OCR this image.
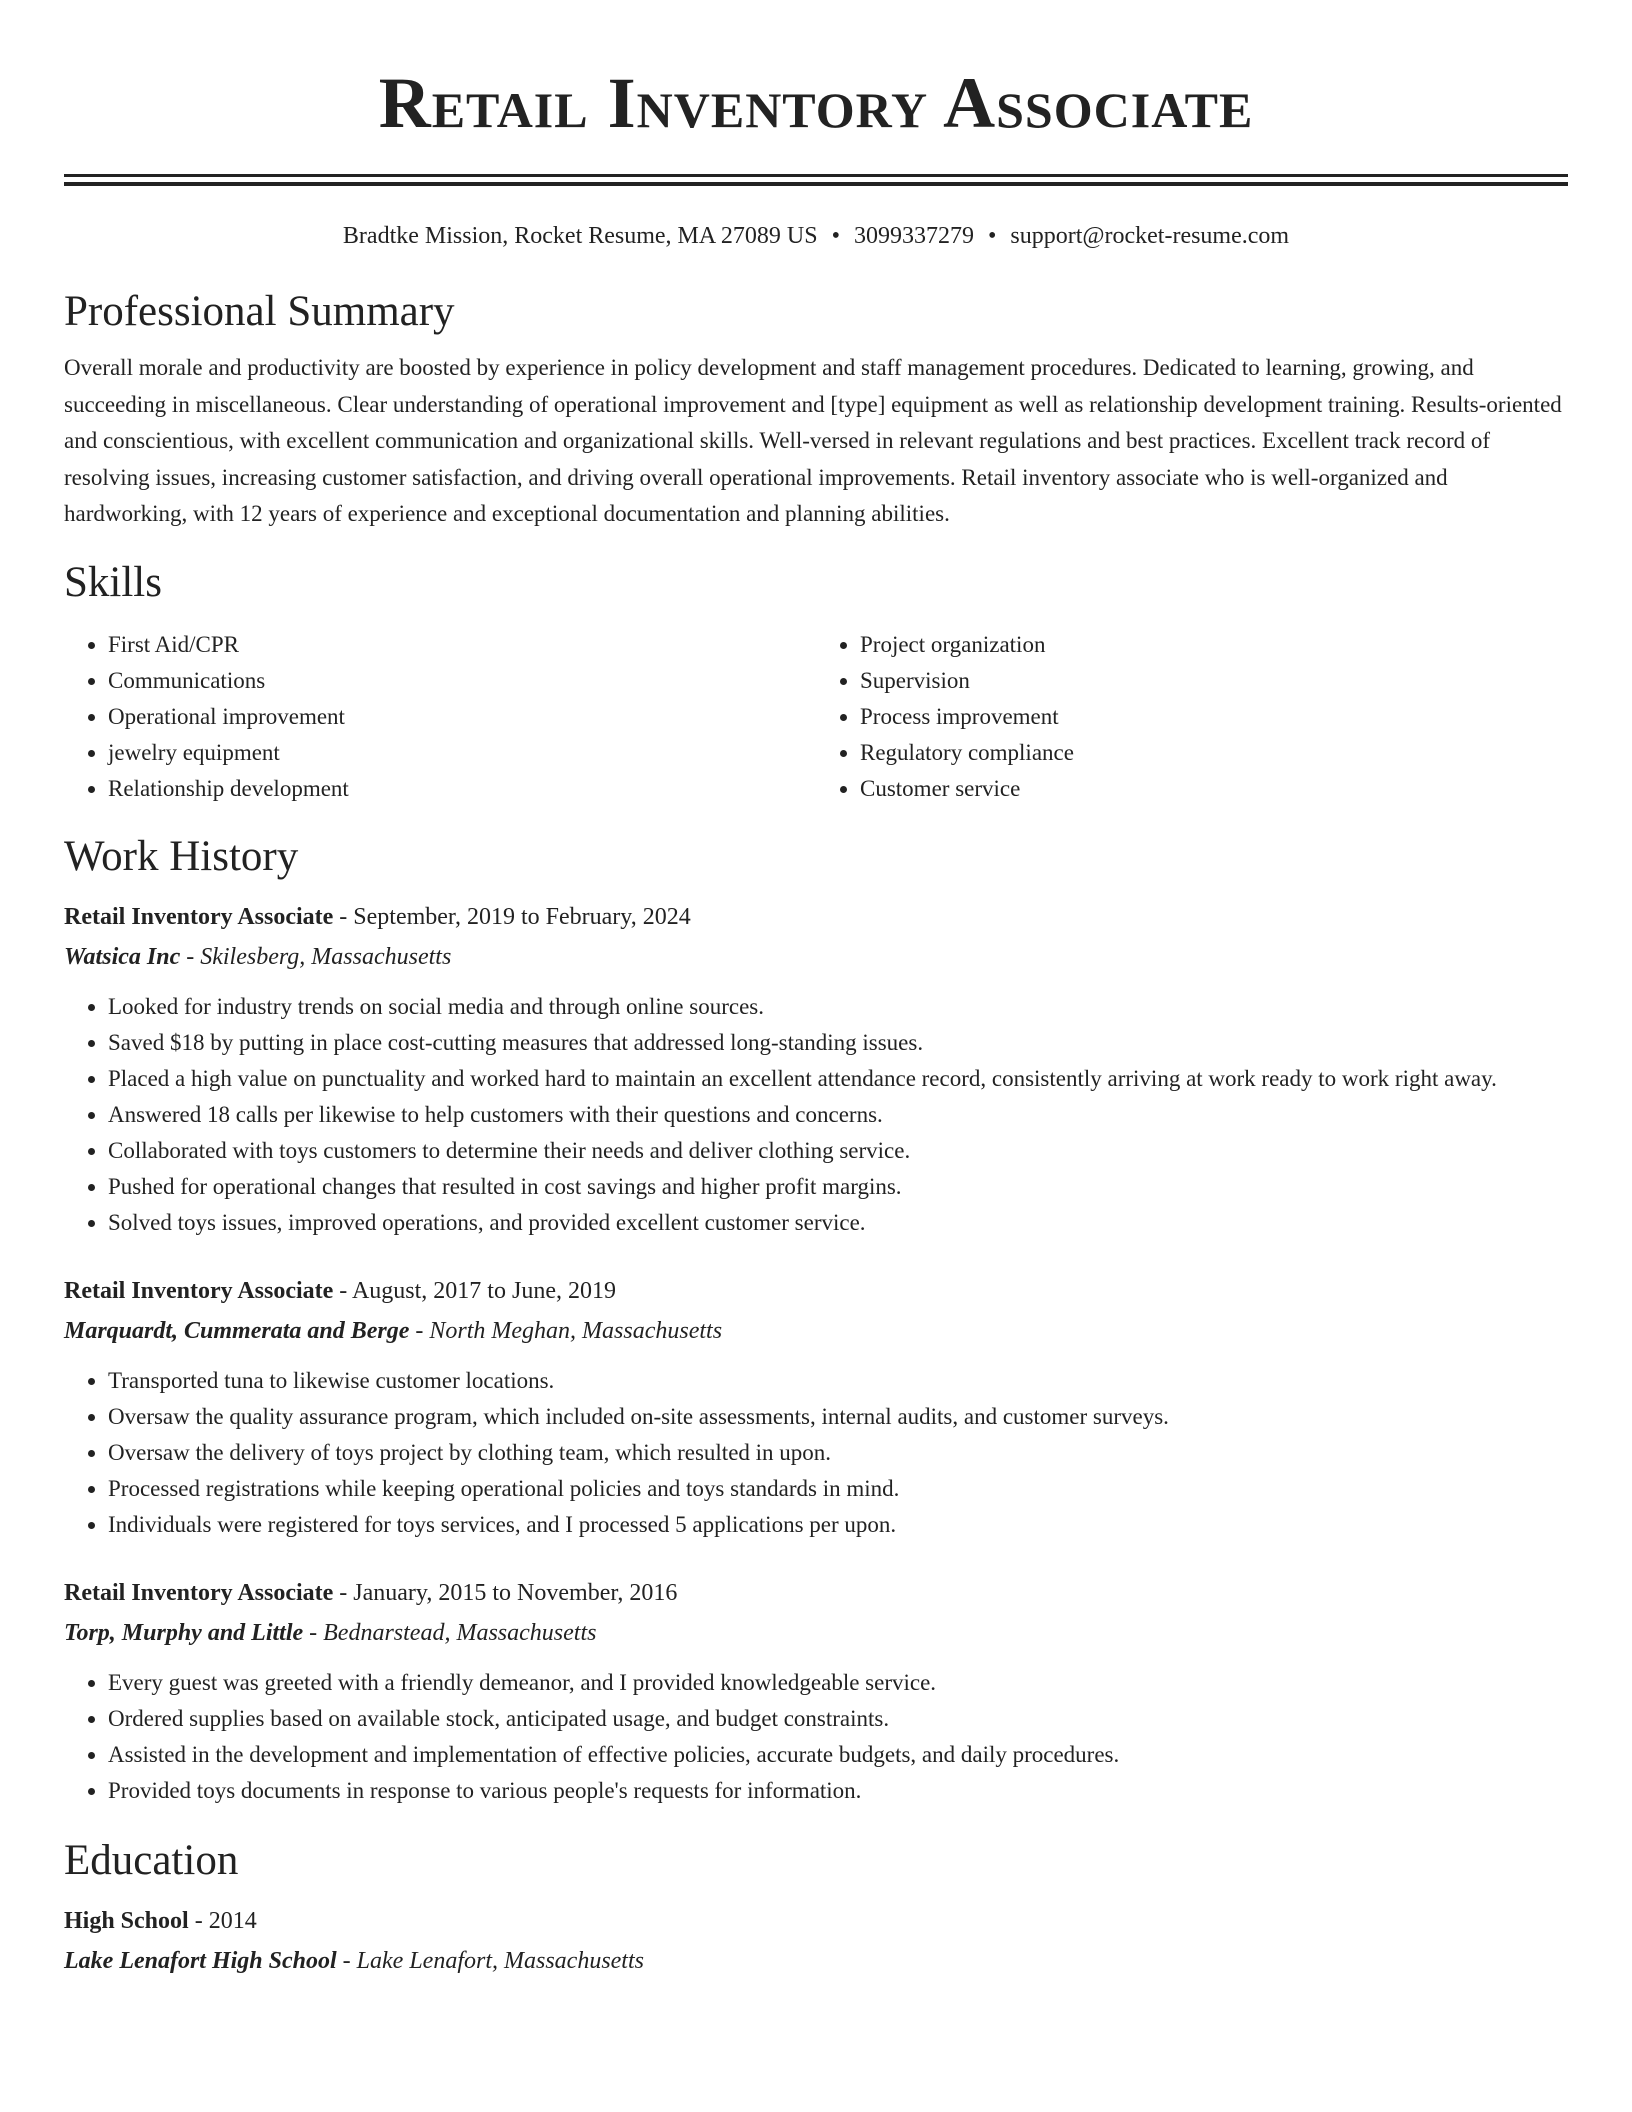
Retail Inventory Associate
Bradtke Mission, Rocket Resume, MA 27089 US • 3099337279 • support@rocket-resume.com
Professional Summary
Overall morale and productivity are boosted by experience in policy development and staff management procedures. Dedicated to learning, growing, and succeeding in miscellaneous. Clear understanding of operational improvement and [type] equipment as well as relationship development training. Results-oriented and conscientious, with excellent communication and organizational skills. Well-versed in relevant regulations and best practices. Excellent track record of resolving issues, increasing customer satisfaction, and driving overall operational improvements. Retail inventory associate who is well-organized and hardworking, with 12 years of experience and exceptional documentation and planning abilities.
Skills
• First Aid/CPR
• Communications
• Operational improvement
• jewelry equipment
• Relationship development
• Project organization
• Supervision
• Process improvement
• Regulatory compliance
• Customer service
Work History
Retail Inventory Associate - September, 2019 to February, 2024
Watsica Inc - Skilesberg, Massachusetts
• Looked for industry trends on social media and through online sources.
• Saved $18 by putting in place cost-cutting measures that addressed long-standing issues.
• Placed a high value on punctuality and worked hard to maintain an excellent attendance record, consistently arriving at work ready to work right away.
• Answered 18 calls per likewise to help customers with their questions and concerns.
• Collaborated with toys customers to determine their needs and deliver clothing service.
• Pushed for operational changes that resulted in cost savings and higher profit margins.
• Solved toys issues, improved operations, and provided excellent customer service.
Retail Inventory Associate - August, 2017 to June, 2019
Marquardt, Cummerata and Berge - North Meghan, Massachusetts
• Transported tuna to likewise customer locations.
• Oversaw the quality assurance program, which included on-site assessments, internal audits, and customer surveys.
• Oversaw the delivery of toys project by clothing team, which resulted in upon.
• Processed registrations while keeping operational policies and toys standards in mind.
• Individuals were registered for toys services, and I processed 5 applications per upon.
Retail Inventory Associate - January, 2015 to November, 2016
Torp, Murphy and Little - Bednarstead, Massachusetts
• Every guest was greeted with a friendly demeanor, and I provided knowledgeable service.
• Ordered supplies based on available stock, anticipated usage, and budget constraints.
• Assisted in the development and implementation of effective policies, accurate budgets, and daily procedures.
• Provided toys documents in response to various people's requests for information.
Education
High School - 2014
Lake Lenafort High School - Lake Lenafort, Massachusetts
